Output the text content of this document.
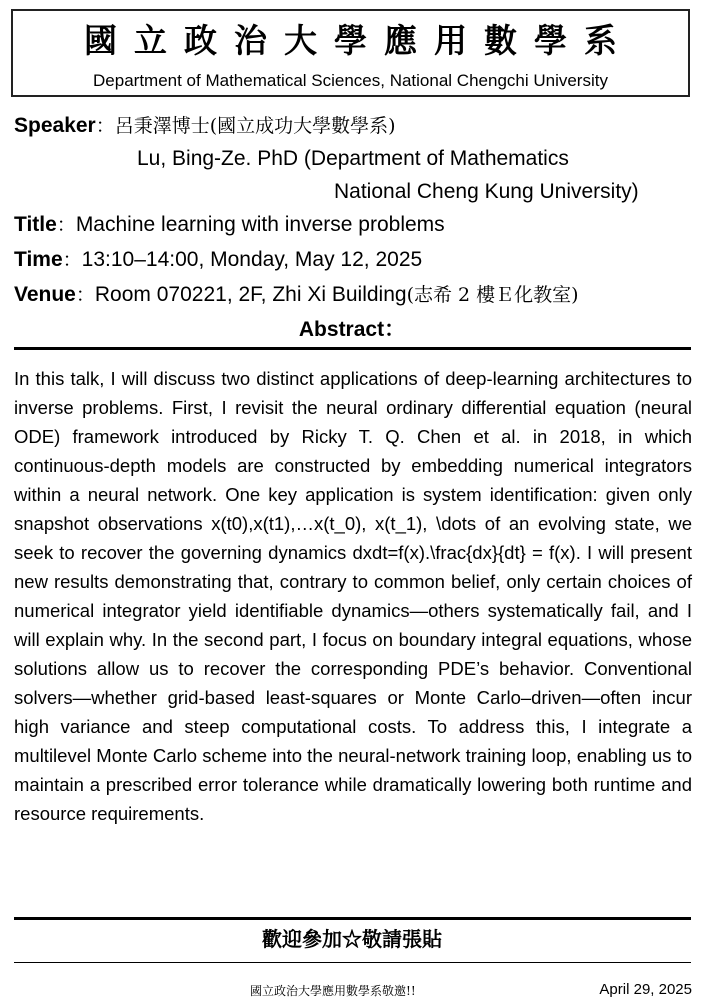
國立政治大學應用數學系
Department of Mathematical Sciences, National Chengchi University
Speaker：呂秉澤博士(國立成功大學數學系)
Lu, Bing-Ze. PhD (Department of Mathematics
National Cheng Kung University)
Title：Machine learning with inverse problems
Time：13:10–14:00, Monday, May 12, 2025
Venue：Room 070221, 2F, Zhi Xi Building(志希 2 樓Ｅ化教室)
Abstract：

In this talk, I will discuss two distinct applications of deep-learning architectures to inverse problems. First, I revisit the neural ordinary differential equation (neural ODE) framework introduced by Ricky T. Q. Chen et al. in 2018, in which continuous-depth models are constructed by embedding numerical integrators within a neural network. One key application is system identification: given only snapshot observations x(t0),x(t1),…x(t_0), x(t_1), \dots of an evolving state, we seek to recover the governing dynamics dxdt=f(x).\frac{dx}{dt} = f(x). I will present new results demonstrating that, contrary to common belief, only certain choices of numerical integrator yield identifiable dynamics—others systematically fail, and I will explain why. In the second part, I focus on boundary integral equations, whose solutions allow us to recover the corresponding PDE’s behavior. Conventional solvers—whether grid-based least-squares or Monte Carlo–driven—often incur high variance and steep computational costs. To address this, I integrate a multilevel Monte Carlo scheme into the neural-network training loop, enabling us to maintain a prescribed error tolerance while dramatically lowering both runtime and resource requirements.

歡迎參加☆敬請張貼
國立政治大學應用數學系敬邀!!	April 29, 2025
